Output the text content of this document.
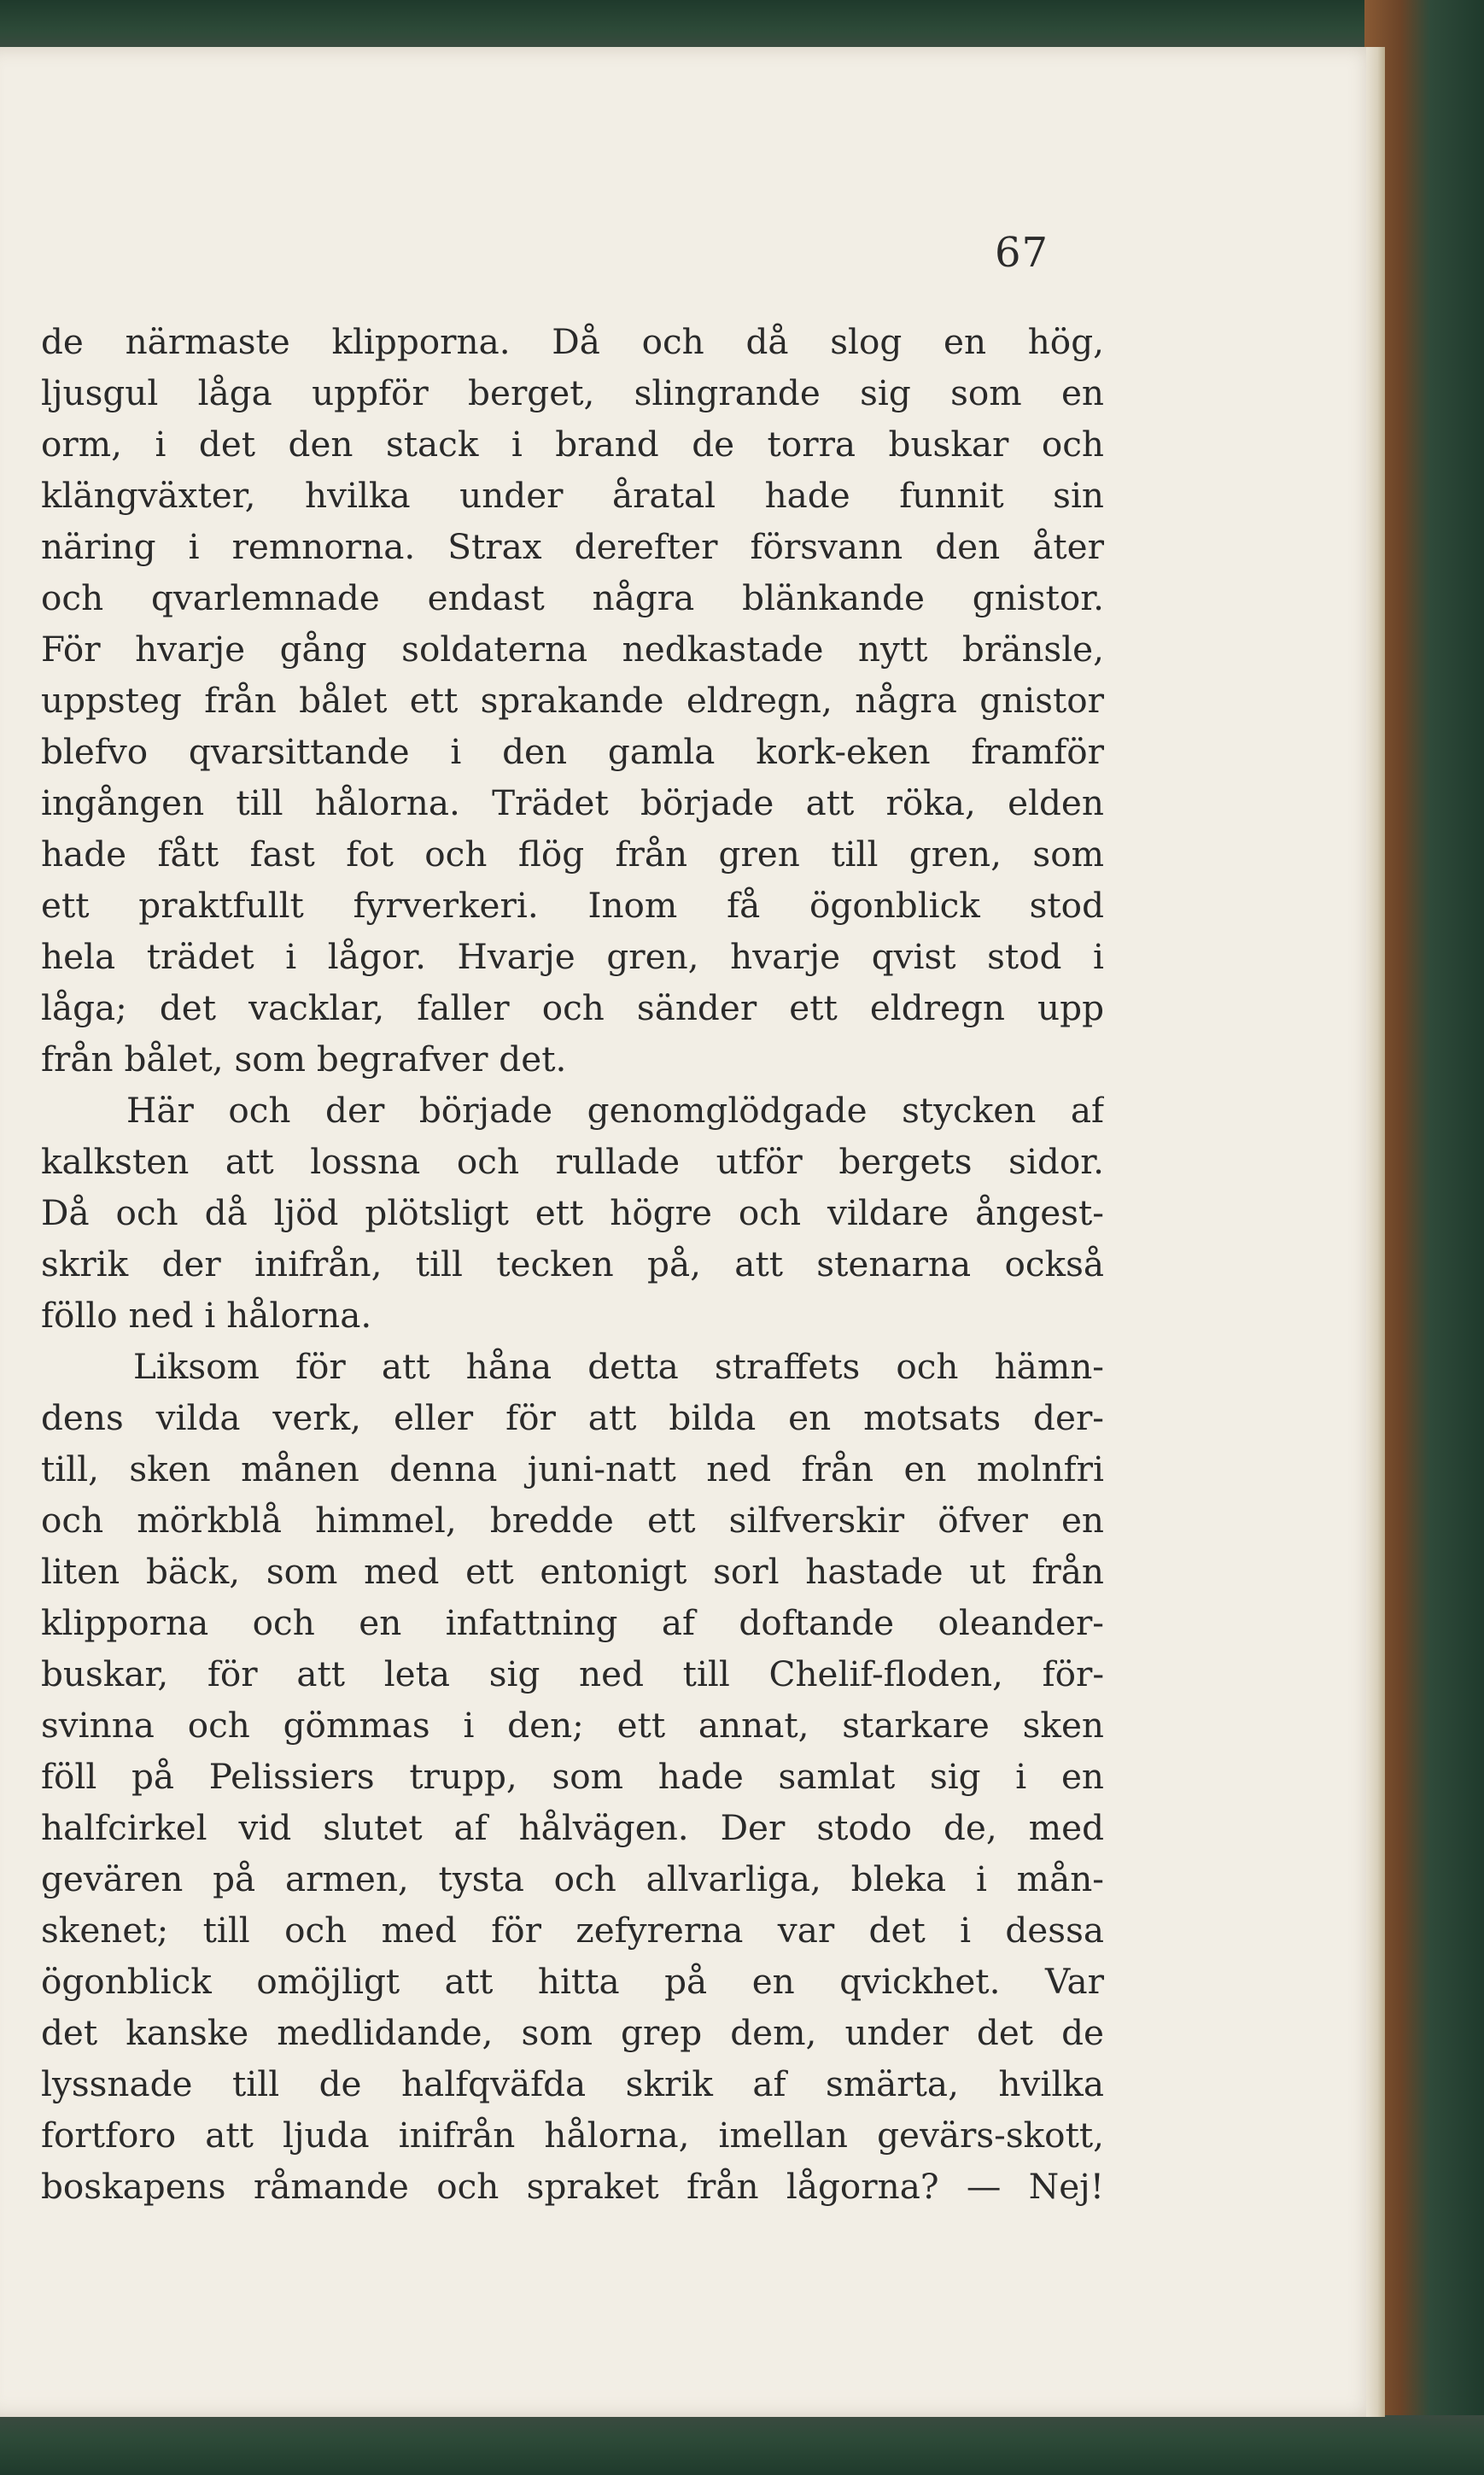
67
de närmaste klipporna. Då och då slog en hög,
ljusgul låga uppför berget, slingrande sig som en
orm, i det den stack i brand de torra buskar och
klängväxter, hvilka under åratal hade funnit sin
näring i remnorna. Strax derefter försvann den åter
och qvarlemnade endast några blänkande gnistor.
För hvarje gång soldaterna nedkastade nytt bränsle,
uppsteg från bålet ett sprakande eldregn, några gnistor
blefvo qvarsittande i den gamla kork-eken framför
ingången till hålorna. Trädet började att röka, elden
hade fått fast fot och flög från gren till gren, som
ett praktfullt fyrverkeri. Inom få ögonblick stod
hela trädet i lågor. Hvarje gren, hvarje qvist stod i
låga; det vacklar, faller och sänder ett eldregn upp
från bålet, som begrafver det.
Här och der började genomglödgade stycken af
kalksten att lossna och rullade utför bergets sidor.
Då och då ljöd plötsligt ett högre och vildare ångest-
skrik der inifrån, till tecken på, att stenarna också
föllo ned i hålorna.
Liksom för att håna detta straffets och hämn-
dens vilda verk, eller för att bilda en motsats der-
till, sken månen denna juni-natt ned från en molnfri
och mörkblå himmel, bredde ett silfverskir öfver en
liten bäck, som med ett entonigt sorl hastade ut från
klipporna och en infattning af doftande oleander-
buskar, för att leta sig ned till Chelif-floden, för-
svinna och gömmas i den; ett annat, starkare sken
föll på Pelissiers trupp, som hade samlat sig i en
halfcirkel vid slutet af hålvägen. Der stodo de, med
gevären på armen, tysta och allvarliga, bleka i mån-
skenet; till och med för zefyrerna var det i dessa
ögonblick omöjligt att hitta på en qvickhet. Var
det kanske medlidande, som grep dem, under det de
lyssnade till de halfqväfda skrik af smärta, hvilka
fortforo att ljuda inifrån hålorna, imellan gevärs-skott,
boskapens råmande och spraket från lågorna? — Nej!
